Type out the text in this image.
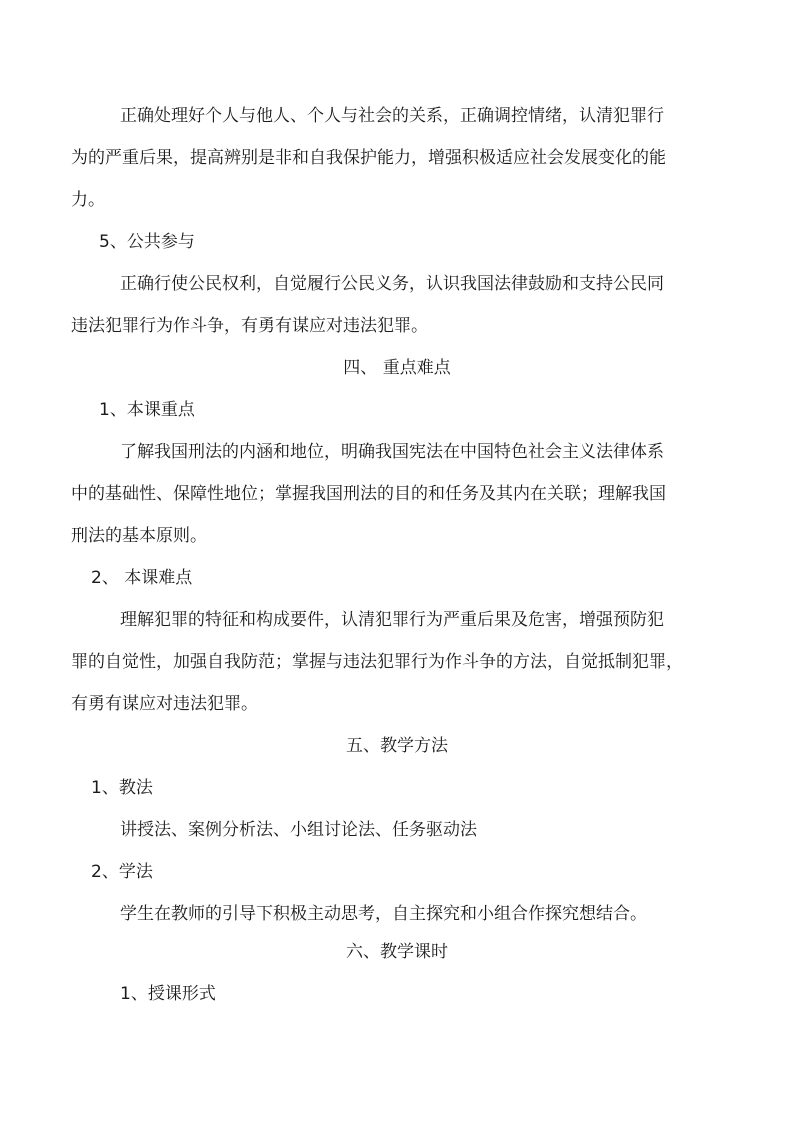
正确处理好个人与他人、个人与社会的关系，正确调控情绪，认清犯罪行
为的严重后果，提高辨别是非和自我保护能力，增强积极适应社会发展变化的能
力。
5、公共参与
正确行使公民权利，自觉履行公民义务，认识我国法律鼓励和支持公民同
违法犯罪行为作斗争，有勇有谋应对违法犯罪。
四、 重点难点
1、本课重点
了解我国刑法的内涵和地位，明确我国宪法在中国特色社会主义法律体系
中的基础性、保障性地位；掌握我国刑法的目的和任务及其内在关联；理解我国
刑法的基本原则。
2、 本课难点
理解犯罪的特征和构成要件，认清犯罪行为严重后果及危害，增强预防犯
罪的自觉性，加强自我防范；掌握与违法犯罪行为作斗争的方法，自觉抵制犯罪，
有勇有谋应对违法犯罪。
五、教学方法
1、教法
讲授法、案例分析法、小组讨论法、任务驱动法
2、学法
学生在教师的引导下积极主动思考，自主探究和小组合作探究想结合。
六、教学课时
1、授课形式
